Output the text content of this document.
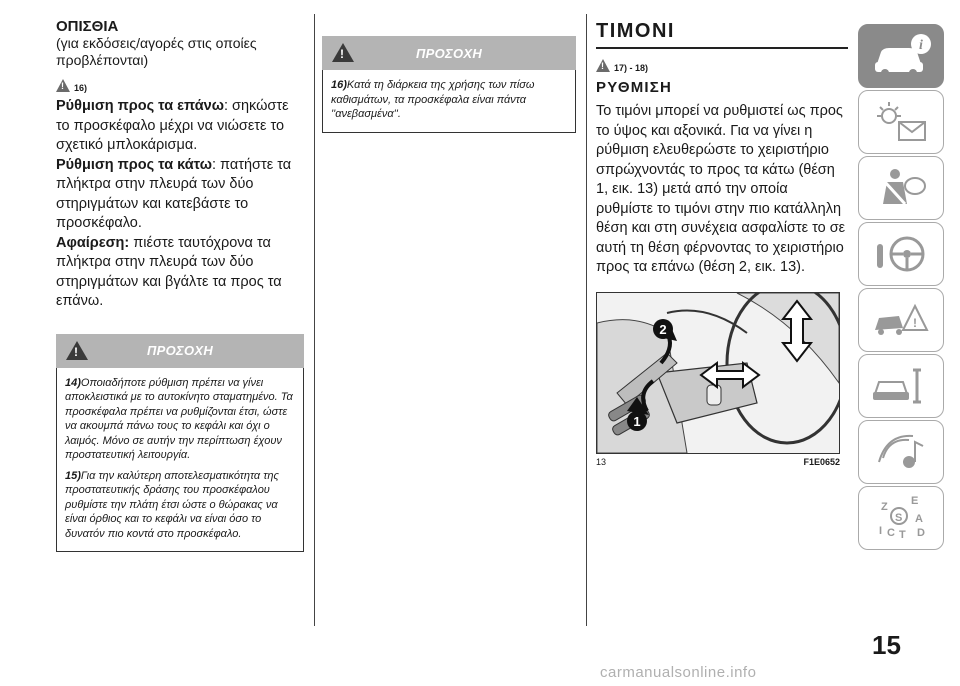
ΟΠΙΣΘΙΑ
(για εκδόσεις/αγορές στις οποίες προβλέπονται)
!
16)

Ρύθμιση προς τα επάνω: σηκώστε το προσκέφαλο μέχρι να νιώσετε το σχετικό μπλοκάρισμα.

Ρύθμιση προς τα κάτω: πατήστε τα πλήκτρα στην πλευρά των δύο στηριγμάτων και κατεβάστε το προσκέφαλο.

Αφαίρεση: πιέστε ταυτόχρονα τα πλήκτρα στην πλευρά των δύο στηριγμάτων και βγάλτε τα προς τα επάνω.

!	ΠΡΟΣΟΧΗ

14)Οποιαδήποτε ρύθμιση πρέπει να γίνει αποκλειστικά με το αυτοκίνητο σταματημένο. Τα προσκέφαλα πρέπει να ρυθμίζονται έτσι, ώστε να ακουμπά πάνω τους το κεφάλι και όχι ο λαιμός. Μόνο σε αυτήν την περίπτωση έχουν προστατευτική λειτουργία.

15)Για την καλύτερη αποτελεσματικότητα της προστατευτικής δράσης του προσκέφαλου ρυθμίστε την πλάτη έτσι ώστε ο θώρακας να είναι όρθιος και το κεφάλι να είναι όσο το δυνατόν πιο κοντά στο προσκέφαλο.

!	ΠΡΟΣΟΧΗ

16)Κατά τη διάρκεια της χρήσης των πίσω καθισμάτων, τα προσκέφαλα είναι πάντα ''ανεβασμένα''.

ΤΙΜΟΝΙ
!
17) - 18)
ΡΥΘΜΙΣΗ

Το τιμόνι μπορεί να ρυθμιστεί ως προς το ύψος και αξονικά. Για να γίνει η ρύθμιση ελευθερώστε το χειριστήριο σπρώχνοντάς το προς τα κάτω (θέση 1, εικ. 13) μετά από την οποία ρυθμίστε το τιμόνι στην πιο κατάλληλη θέση και στη συνέχεια ασφαλίστε το σε αυτή τη θέση φέρνοντας το χειριστήριο προς τα επάνω (θέση 2, εικ. 13).

1
2
13	F1E0652
i
!
Z E
S A
I C T D
15
carmanualsonline.info
